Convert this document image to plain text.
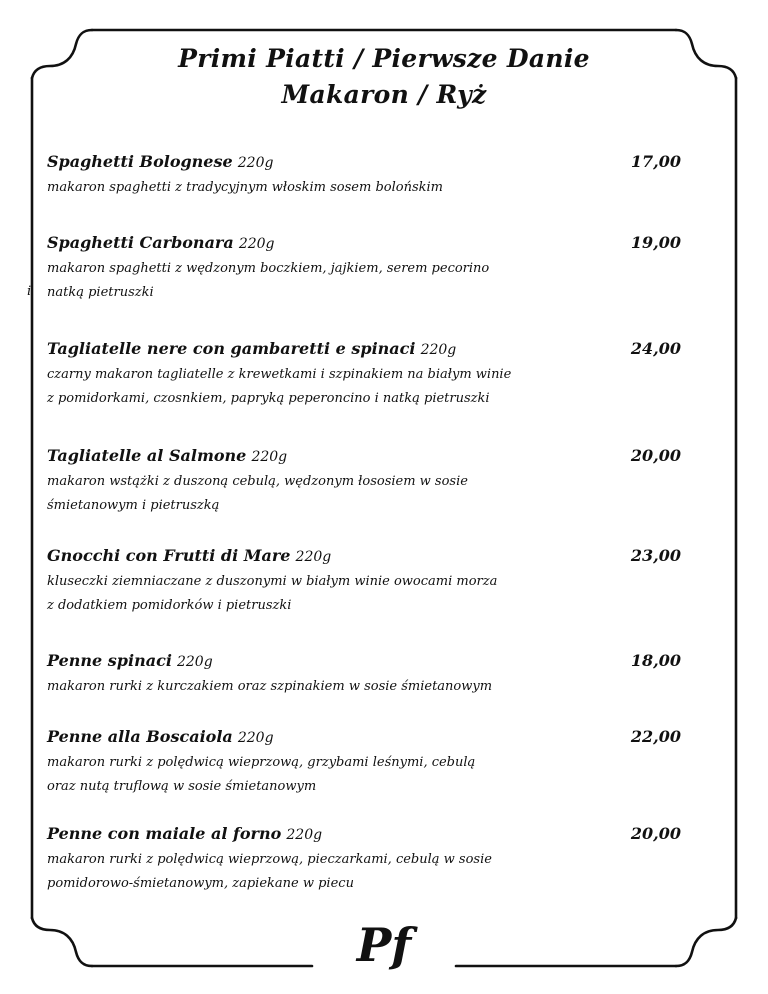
Primi Piatti / Pierwsze Danie
Makaron / Ryż
i
Spaghetti Bolognese 220g	17,00
makaron spaghetti z tradycyjnym włoskim sosem bolońskim
Spaghetti Carbonara 220g	19,00
makaron spaghetti z wędzonym boczkiem, jajkiem, serem pecorino
natką pietruszki
Tagliatelle nere con gambaretti e spinaci 220g	24,00
czarny makaron tagliatelle z krewetkami i szpinakiem na białym winie
z pomidorkami, czosnkiem, papryką peperoncino i natką pietruszki
Tagliatelle al Salmone 220g	20,00
makaron wstążki z duszoną cebulą, wędzonym łososiem w sosie
śmietanowym i pietruszką
Gnocchi con Frutti di Mare 220g	23,00
kluseczki ziemniaczane z duszonymi w białym winie owocami morza
z dodatkiem pomidorków i pietruszki
Penne spinaci 220g	18,00
makaron rurki z kurczakiem oraz szpinakiem w sosie śmietanowym
Penne alla Boscaiola 220g	22,00
makaron rurki z polędwicą wieprzową, grzybami leśnymi, cebulą
oraz nutą truflową w sosie śmietanowym
Penne con maiale al forno 220g	20,00
makaron rurki z polędwicą wieprzową, pieczarkami, cebulą w sosie
pomidorowo-śmietanowym, zapiekane w piecu
Pf
